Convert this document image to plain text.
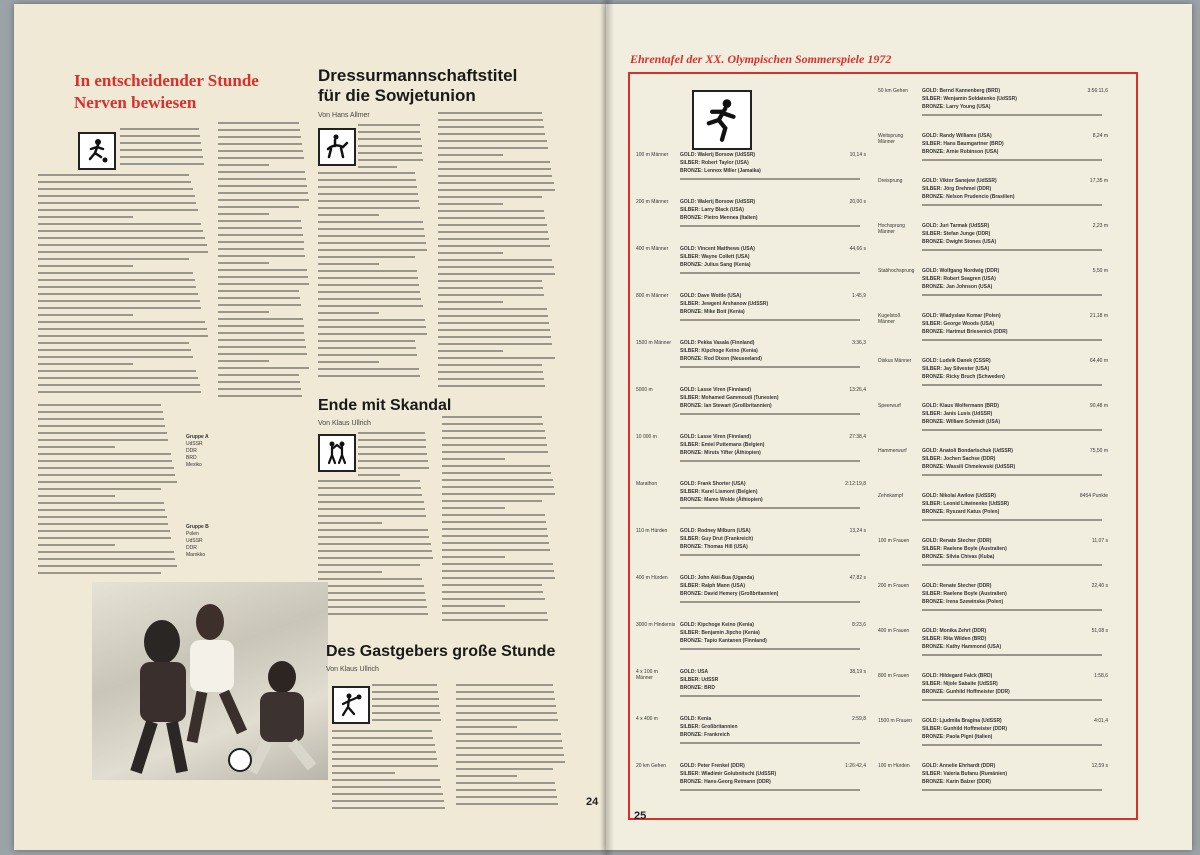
In entscheidender Stunde Nerven bewiesen
Dressurmannschaftstitel für die Sowjetunion
Von Hans Allmer
Gruppe A
UdSSR
DDR
BRD
Mexiko
Gruppe B
Polen
UdSSR
DDR
Marokko
Ende mit Skandal
Von Klaus Ullrich
Des Gastgebers große Stunde
Von Klaus Ullrich
24
Ehrentafel der XX. Olympischen Sommerspiele 1972
100 m Männer	GOLD: Walerij Borsow (UdSSR)
SILBER: Robert Taylor (USA)
BRONZE: Lennox Miller (Jamaika)
10,14 s
200 m Männer	GOLD: Walerij Borsow (UdSSR)
SILBER: Larry Black (USA)
BRONZE: Pietro Mennea (Italien)
20,00 s
400 m Männer	GOLD: Vincent Matthews (USA)
SILBER: Wayne Collett (USA)
BRONZE: Julius Sang (Kenia)
44,66 s
800 m Männer	GOLD: Dave Wottle (USA)
SILBER: Jewgeni Arshanow (UdSSR)
BRONZE: Mike Boit (Kenia)
1:45,9
1500 m Männer	GOLD: Pekka Vasala (Finnland)
SILBER: Kipchoge Keino (Kenia)
BRONZE: Rod Dixon (Neuseeland)
3:36,3
5000 m	GOLD: Lasse Viren (Finnland)
SILBER: Mohamed Gammoudi (Tunesien)
BRONZE: Ian Stewart (Großbritannien)
13:26,4
10 000 m	GOLD: Lasse Viren (Finnland)
SILBER: Emiel Puttemans (Belgien)
BRONZE: Miruts Yifter (Äthiopien)
27:38,4
Marathon	GOLD: Frank Shorter (USA)
SILBER: Karel Lismont (Belgien)
BRONZE: Mamo Wolde (Äthiopien)
2:12:19,8
110 m Hürden	GOLD: Rodney Milburn (USA)
SILBER: Guy Drut (Frankreich)
BRONZE: Thomas Hill (USA)
13,24 s
400 m Hürden	GOLD: John Akii-Bua (Uganda)
SILBER: Ralph Mann (USA)
BRONZE: David Hemery (Großbritannien)
47,82 s
3000 m Hindernis GOLD: Kipchoge Keino (Kenia)
SILBER: Benjamin Jipcho (Kenia)
BRONZE: Tapio Kantanen (Finnland)
8:23,6
4 x 100 m Männer
GOLD: USA
SILBER: UdSSR
BRONZE: BRD
38,19 s
4 x 400 m	GOLD: Kenia
SILBER: Großbritannien
BRONZE: Frankreich
2:59,8
20 km Gehen	GOLD: Peter Frenkel (DDR)
SILBER: Wladimir Golubnitschi (UdSSR)
BRONZE: Hans-Georg Reimann (DDR)
1:26:42,4
50 km Gehen	GOLD: Bernd Kannenberg (BRD)
SILBER: Wenjamin Soldatenko (UdSSR)
BRONZE: Larry Young (USA)
3:56:11,6
Weitsprung Männer
GOLD: Randy Williams (USA)
SILBER: Hans Baumgartner (BRD)
BRONZE: Arnie Robinson (USA)
8,24 m
Dreisprung	GOLD: Viktor Sanejew (UdSSR)
SILBER: Jörg Drehmel (DDR)
BRONZE: Nelson Prudencio (Brasilien)
17,35 m
Hochsprung Männer
GOLD: Juri Tarmak (UdSSR)
SILBER: Stefan Junge (DDR)
BRONZE: Dwight Stones (USA)
2,23 m
Stabhochsprung	GOLD: Wolfgang Nordwig (DDR)
SILBER: Robert Seagren (USA)
BRONZE: Jan Johnson (USA)
5,50 m
Kugelstoß Männer
GOLD: Wladyslaw Komar (Polen)
SILBER: George Woods (USA)
BRONZE: Hartmut Briesenick (DDR)
21,18 m
Diskus Männer	GOLD: Ludvik Danek (CSSR)
SILBER: Jay Silvester (USA)
BRONZE: Ricky Bruch (Schweden)
64,40 m
Speerwurf	GOLD: Klaus Wolfermann (BRD)
SILBER: Janis Lusis (UdSSR)
BRONZE: William Schmidt (USA)
90,48 m
Hammerwurf	GOLD: Anatoli Bondartschuk (UdSSR)
SILBER: Jochen Sachse (DDR)
BRONZE: Wassili Chmelewski (UdSSR)
75,50 m
Zehnkampf	GOLD: Nikolai Awilow (UdSSR)
SILBER: Leonid Litwinenko (UdSSR)
BRONZE: Ryszard Katus (Polen)
8454 Punkte
100 m Frauen	GOLD: Renate Stecher (DDR)
SILBER: Raelene Boyle (Australien)
BRONZE: Silvia Chivas (Kuba)
11,07 s
200 m Frauen	GOLD: Renate Stecher (DDR)
SILBER: Raelene Boyle (Australien)
BRONZE: Irena Szewinska (Polen)
22,40 s
400 m Frauen	GOLD: Monika Zehrt (DDR)
SILBER: Rita Wilden (BRD)
BRONZE: Kathy Hammond (USA)
51,08 s
800 m Frauen	GOLD: Hildegard Falck (BRD)
SILBER: Nijole Sabaite (UdSSR)
BRONZE: Gunhild Hoffmeister (DDR)
1:58,6
1500 m Frauen	GOLD: Ljudmila Bragina (UdSSR)
SILBER: Gunhild Hoffmeister (DDR)
BRONZE: Paola Pigni (Italien)
4:01,4
100 m Hürden	GOLD: Annelie Ehrhardt (DDR)
SILBER: Valeria Bufanu (Rumänien)
BRONZE: Karin Balzer (DDR)
12,59 s
25
